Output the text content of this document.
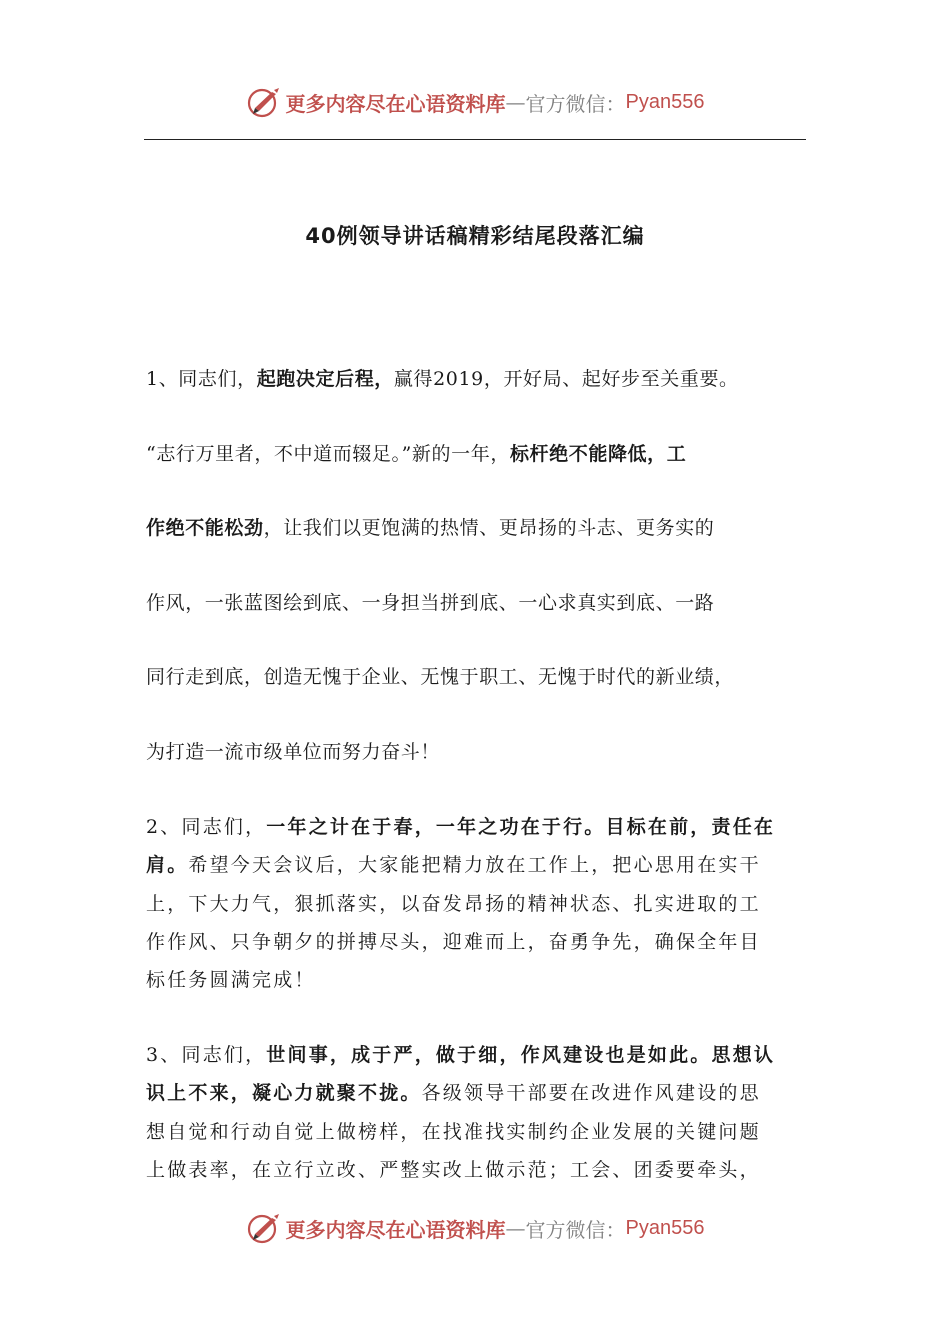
更多内容尽在心语资料库 — 官方微信： Pyan556
40例领导讲话稿精彩结尾段落汇编
1、同志们，起跑决定后程，赢得2019，开好局、起好步至关重要。
“志行万里者，不中道而辍足。”新的一年，标杆绝不能降低，工
作绝不能松劲，让我们以更饱满的热情、更昂扬的斗志、更务实的
作风，一张蓝图绘到底、一身担当拼到底、一心求真实到底、一路
同行走到底，创造无愧于企业、无愧于职工、无愧于时代的新业绩，
为打造一流市级单位而努力奋斗！
2、同志们，一年之计在于春，一年之功在于行。目标在前，责任在
肩。希望今天会议后，大家能把精力放在工作上，把心思用在实干
上，下大力气，狠抓落实，以奋发昂扬的精神状态、扎实进取的工
作作风、只争朝夕的拼搏尽头，迎难而上，奋勇争先，确保全年目
标任务圆满完成！
3、同志们，世间事，成于严，做于细，作风建设也是如此。思想认
识上不来，凝心力就聚不拢。各级领导干部要在改进作风建设的思
想自觉和行动自觉上做榜样，在找准找实制约企业发展的关键问题
上做表率，在立行立改、严整实改上做示范；工会、团委要牵头，
更多内容尽在心语资料库 — 官方微信： Pyan556
